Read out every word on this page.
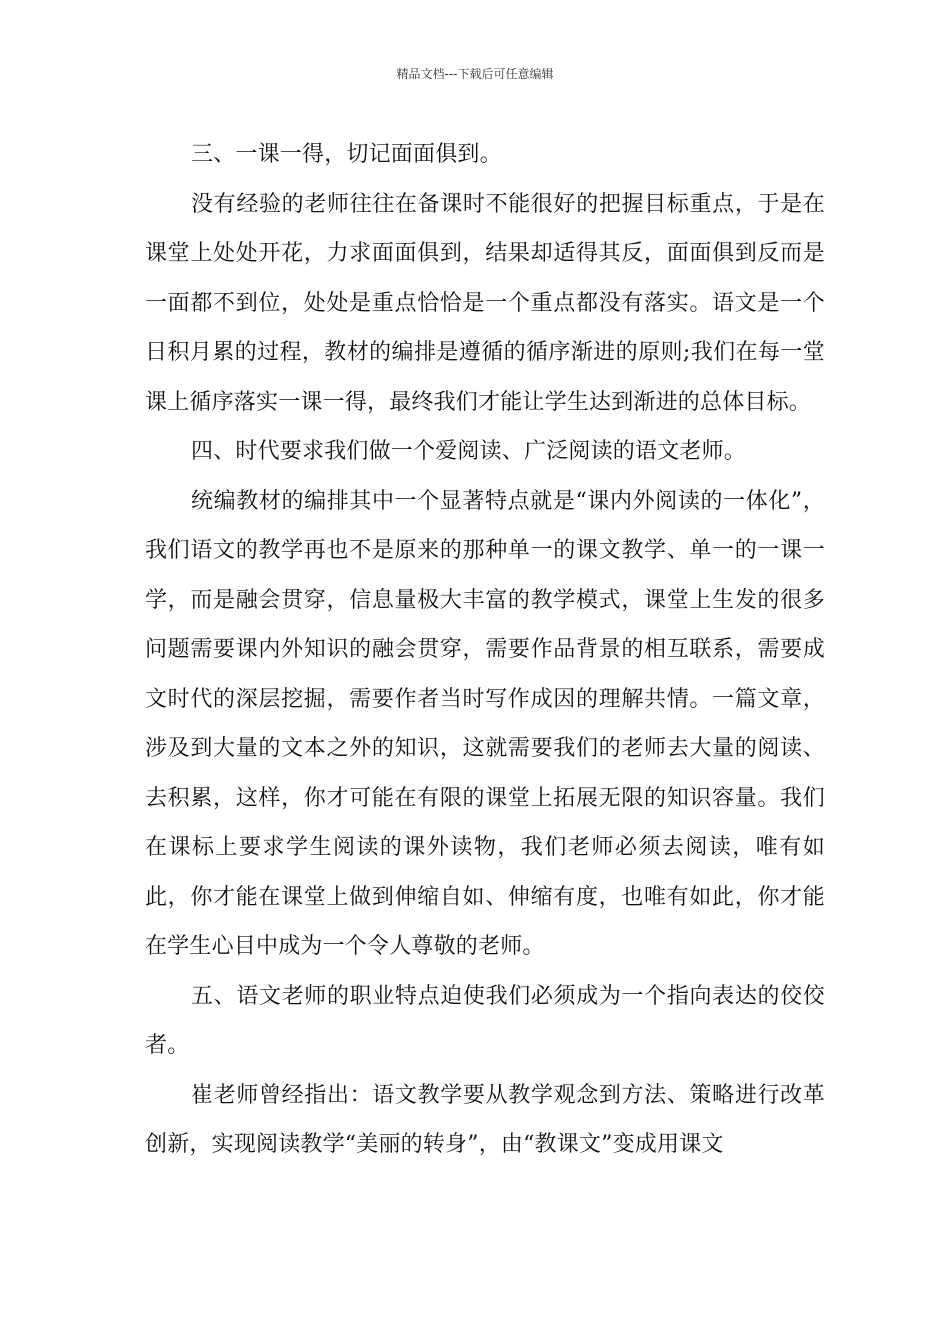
精品文档---下载后可任意编辑

三、一课一得，切记面面俱到。

没有经验的老师往往在备课时不能很好的把握目标重点，于是在课堂上处处开花，力求面面俱到，结果却适得其反，面面俱到反而是一面都不到位，处处是重点恰恰是一个重点都没有落实。语文是一个日积月累的过程，教材的编排是遵循的循序渐进的原则;我们在每一堂课上循序落实一课一得，最终我们才能让学生达到渐进的总体目标。

四、时代要求我们做一个爱阅读、广泛阅读的语文老师。

统编教材的编排其中一个显著特点就是“课内外阅读的一体化”，我们语文的教学再也不是原来的那种单一的课文教学、单一的一课一学，而是融会贯穿，信息量极大丰富的教学模式，课堂上生发的很多问题需要课内外知识的融会贯穿，需要作品背景的相互联系，需要成文时代的深层挖掘，需要作者当时写作成因的理解共情。一篇文章，涉及到大量的文本之外的知识，这就需要我们的老师去大量的阅读、去积累，这样，你才可能在有限的课堂上拓展无限的知识容量。我们在课标上要求学生阅读的课外读物，我们老师必须去阅读，唯有如此，你才能在课堂上做到伸缩自如、伸缩有度，也唯有如此，你才能在学生心目中成为一个令人尊敬的老师。

五、语文老师的职业特点迫使我们必须成为一个指向表达的佼佼者。

崔老师曾经指出：语文教学要从教学观念到方法、策略进行改革创新，实现阅读教学“美丽的转身”，由“教课文”变成用课文
